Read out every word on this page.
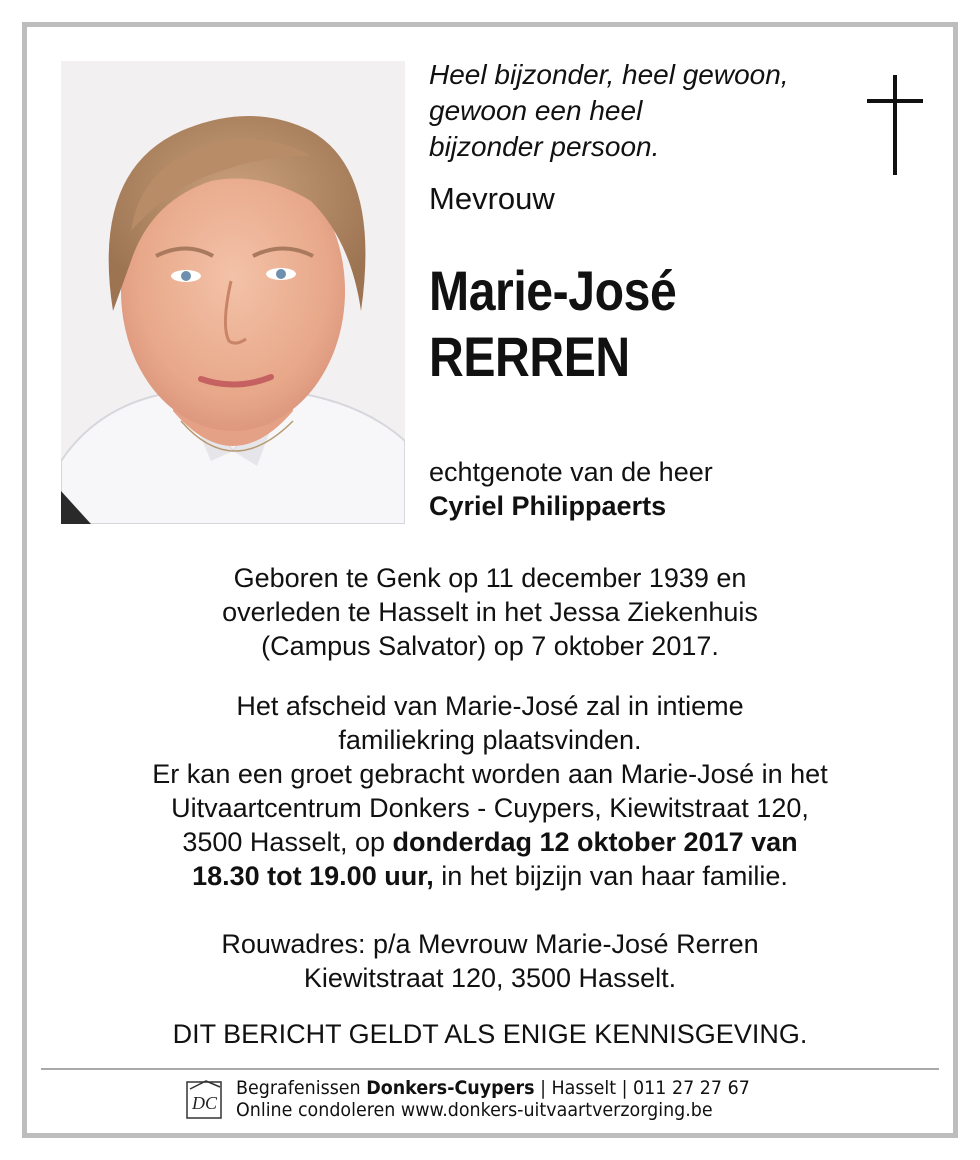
Heel bijzonder, heel gewoon,
gewoon een heel
bijzonder persoon.
Mevrouw
Marie-José
RERREN
echtgenote van de heer
Cyriel Philippaerts
Geboren te Genk op 11 december 1939 en
overleden te Hasselt in het Jessa Ziekenhuis
(Campus Salvator) op 7 oktober 2017.
Het afscheid van Marie-José zal in intieme
familiekring plaatsvinden.
Er kan een groet gebracht worden aan Marie-José in het
Uitvaartcentrum Donkers - Cuypers, Kiewitstraat 120,
3500 Hasselt, op donderdag 12 oktober 2017 van
18.30 tot 19.00 uur, in het bijzijn van haar familie.
Rouwadres: p/a Mevrouw Marie-José Rerren
Kiewitstraat 120, 3500 Hasselt.
DIT BERICHT GELDT ALS ENIGE KENNISGEVING.
DC
Begrafenissen Donkers-Cuypers | Hasselt | 011 27 27 67
Online condoleren www.donkers-uitvaartverzorging.be
